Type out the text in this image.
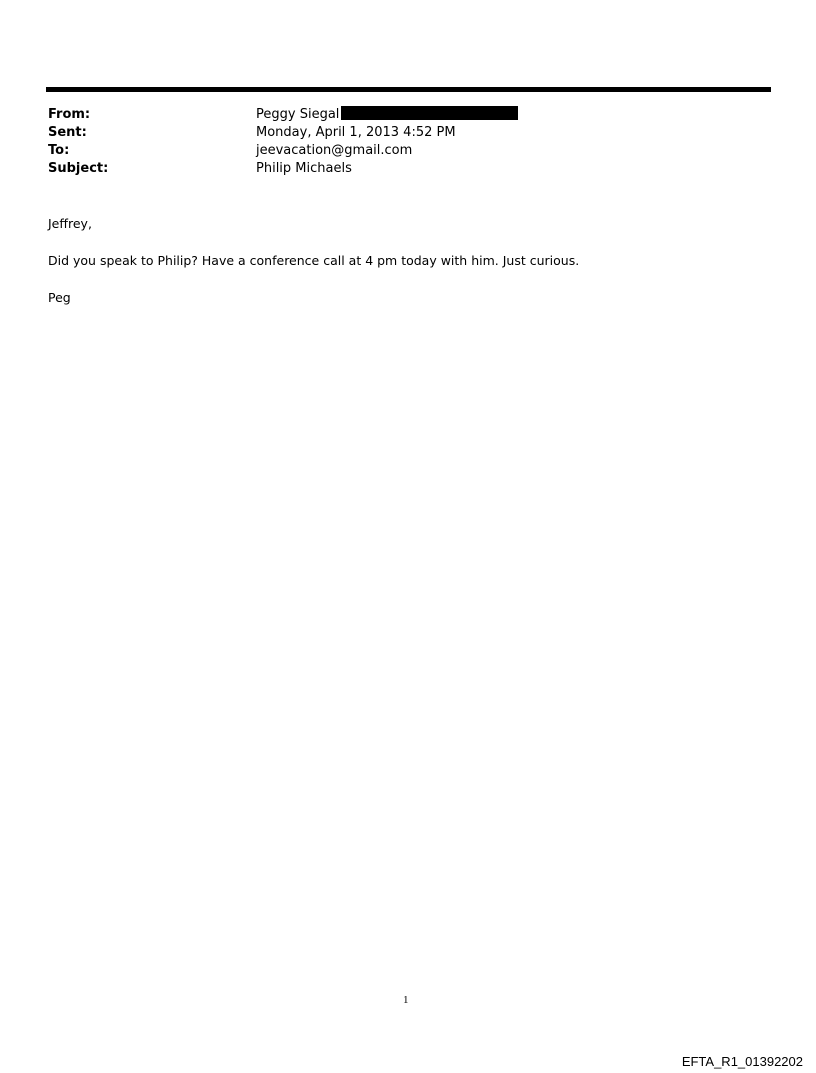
From:	Peggy Siegal
Sent:	Monday, April 1, 2013 4:52 PM
To:	jeevacation@gmail.com
Subject:	Philip Michaels
Jeffrey,
Did you speak to Philip? Have a conference call at 4 pm today with him. Just curious.
Peg
1
EFTA_R1_01392202
